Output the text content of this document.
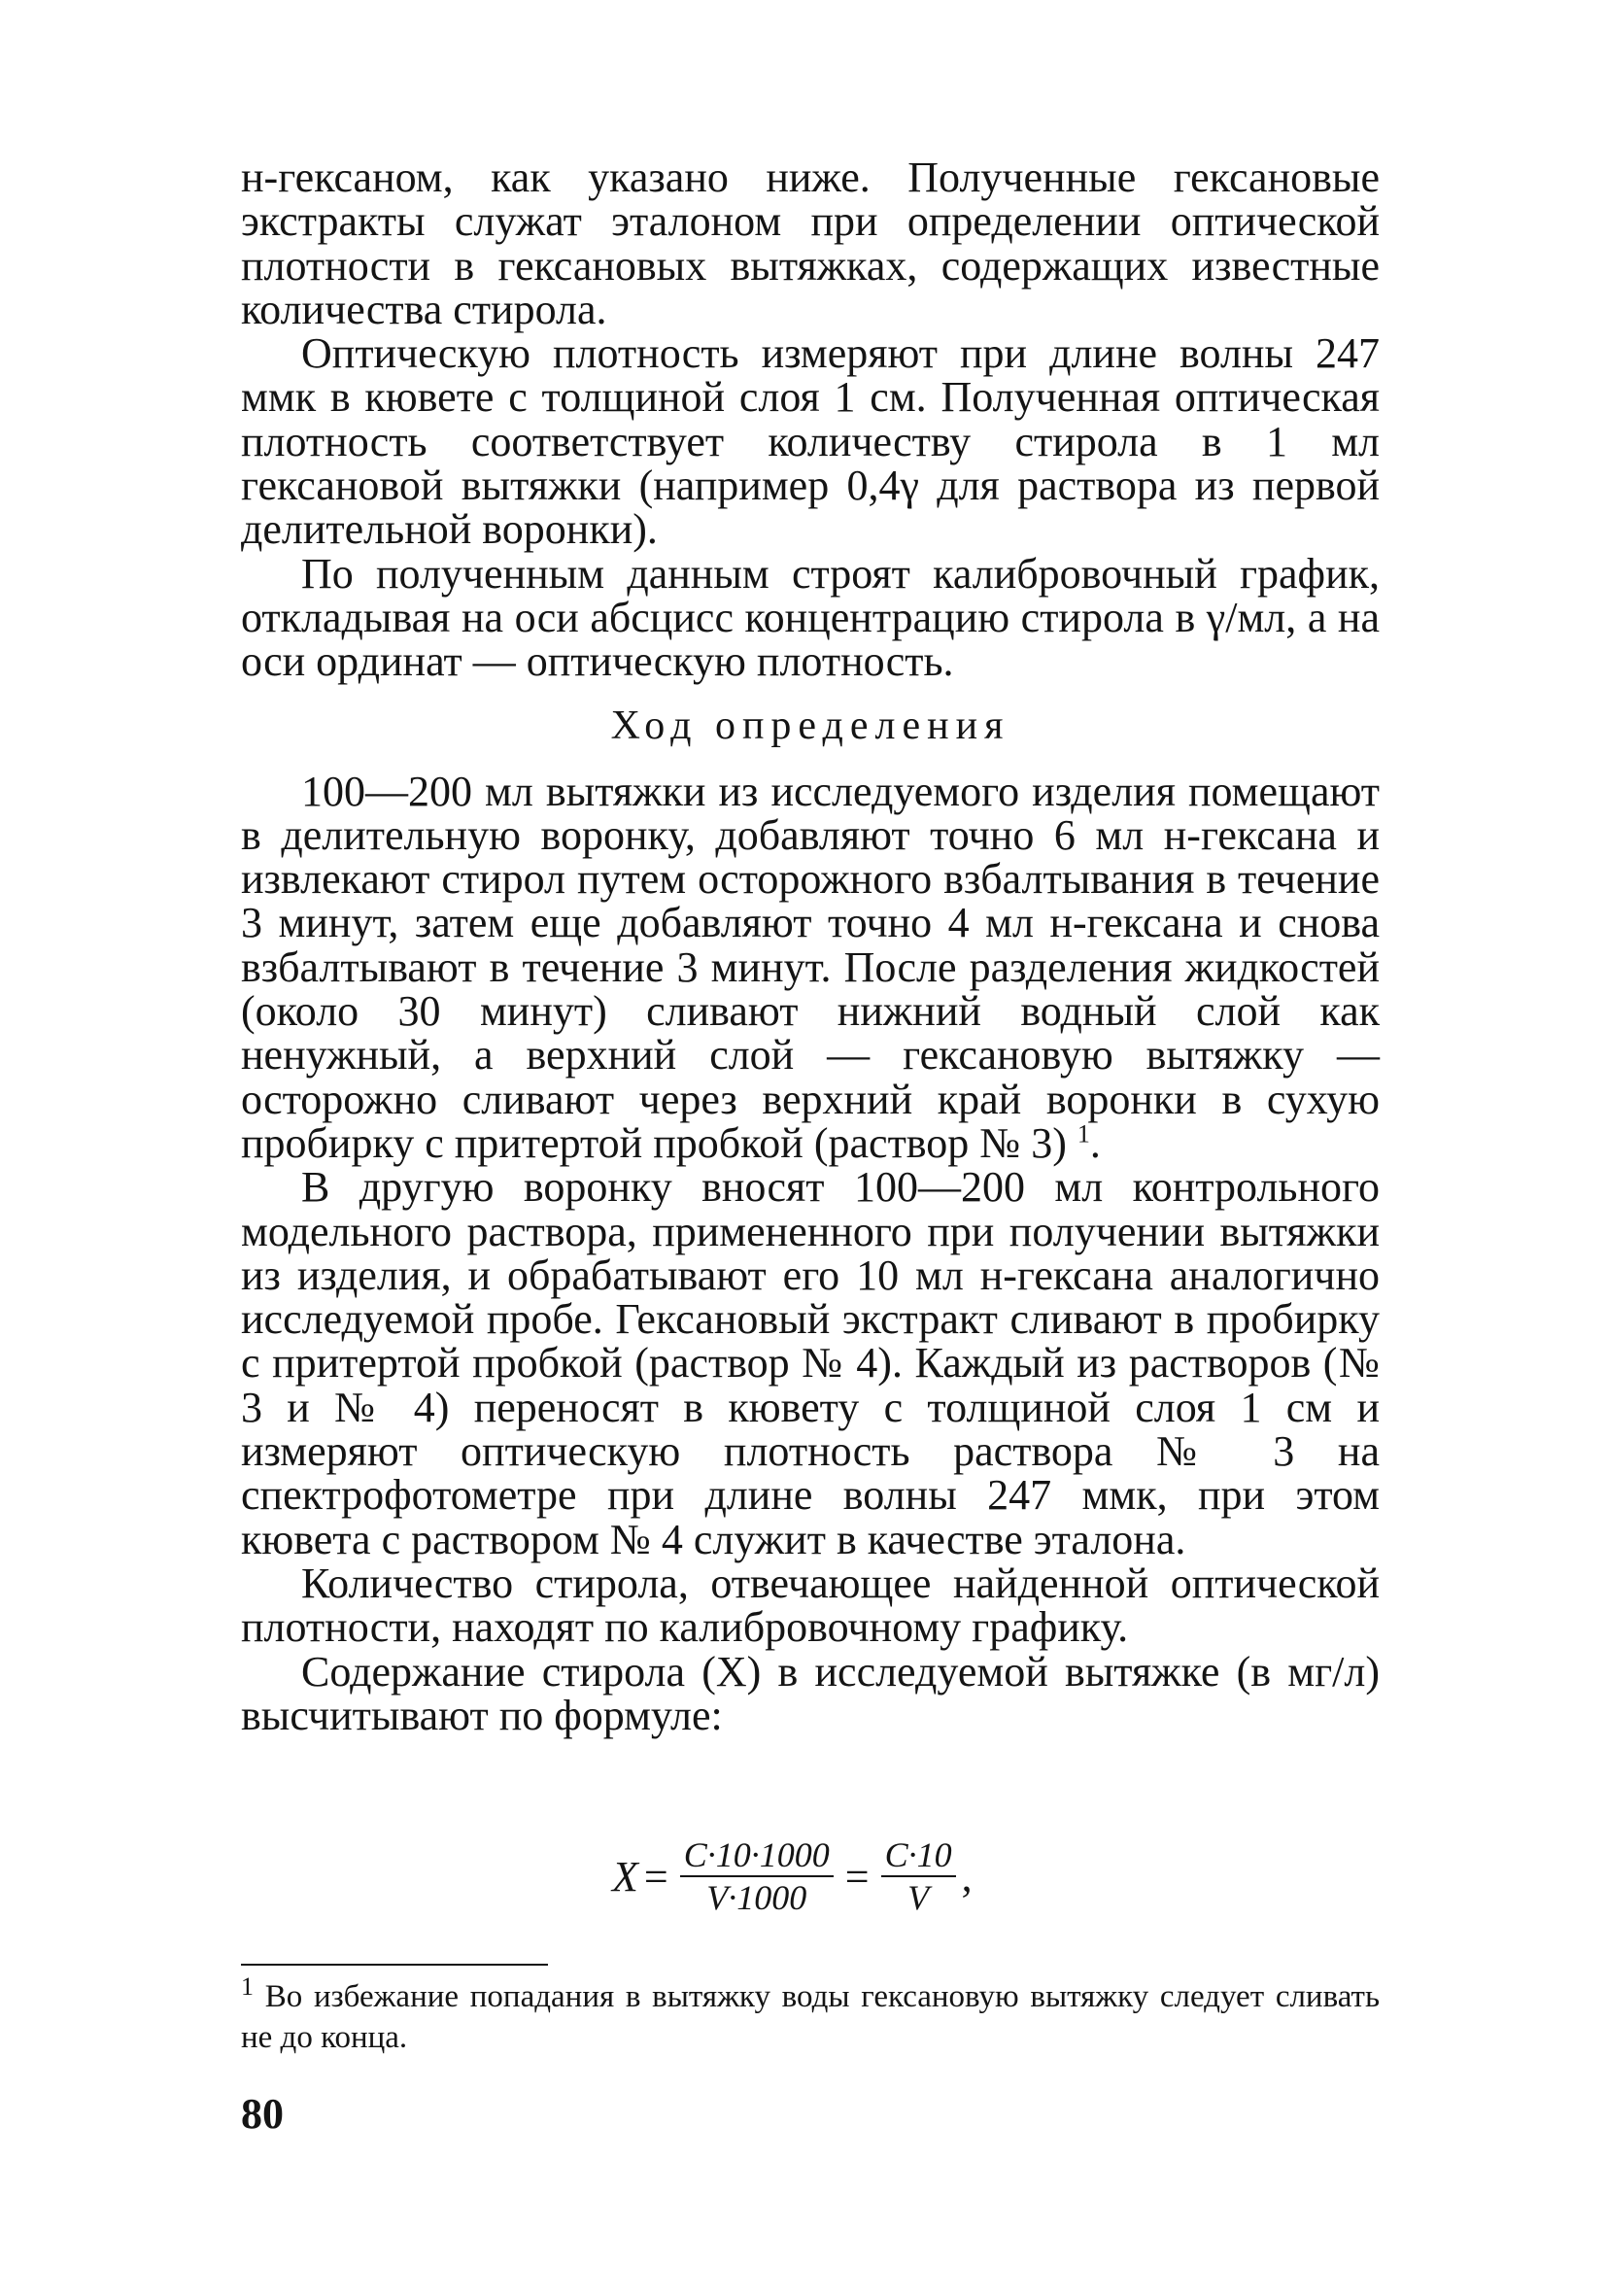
н-гексаном, как указано ниже. Полученные гексановые экстракты служат эталоном при определении оптической плотности в гексановых вытяжках, содержащих известные количества стирола.

Оптическую плотность измеряют при длине волны 247 ммк в кювете с толщиной слоя 1 см. Полученная оптическая плотность соответствует количеству стирола в 1 мл гексановой вытяжки (например 0,4γ для раствора из первой делительной воронки).

По полученным данным строят калибровочный график, откладывая на оси абсцисс концентрацию стирола в γ/мл, а на оси ординат — оптическую плотность.

Ход определения

100—200 мл вытяжки из исследуемого изделия помещают в делительную воронку, добавляют точно 6 мл н-гексана и извлекают стирол путем осторожного взбалтывания в течение 3 минут, затем еще добавляют точно 4 мл н-гексана и снова взбалтывают в течение 3 минут. После разделения жидкостей (около 30 минут) сливают нижний водный слой как ненужный, а верхний слой — гексановую вытяжку — осторожно сливают через верхний край воронки в сухую пробирку с притертой пробкой (раствор № 3) $^1$.

В другую воронку вносят 100—200 мл контрольного модельного раствора, примененного при получении вытяжки из изделия, и обрабатывают его 10 мл н-гексана аналогично исследуемой пробе. Гексановый экстракт сливают в пробирку с притертой пробкой (раствор № 4). Каждый из растворов (№ 3 и № 4) переносят в кювету с толщиной слоя 1 см и измеряют оптическую плотность раствора № 3 на спектрофотометре при длине волны 247 ммк, при этом кювета с раствором № 4 служит в качестве эталона.

Количество стирола, отвечающее найденной оптической плотности, находят по калибровочному графику.

Содержание стирола (X) в исследуемой вытяжке (в мг/л) высчитывают по формуле:

$X = \frac{C\cdot 10\cdot 1000}{V\cdot 1000} = \frac{C\cdot 10}{V}$ ,
$^1$ Во избежание попадания в вытяжку воды гексановую вытяжку следует сливать не до конца.
80
